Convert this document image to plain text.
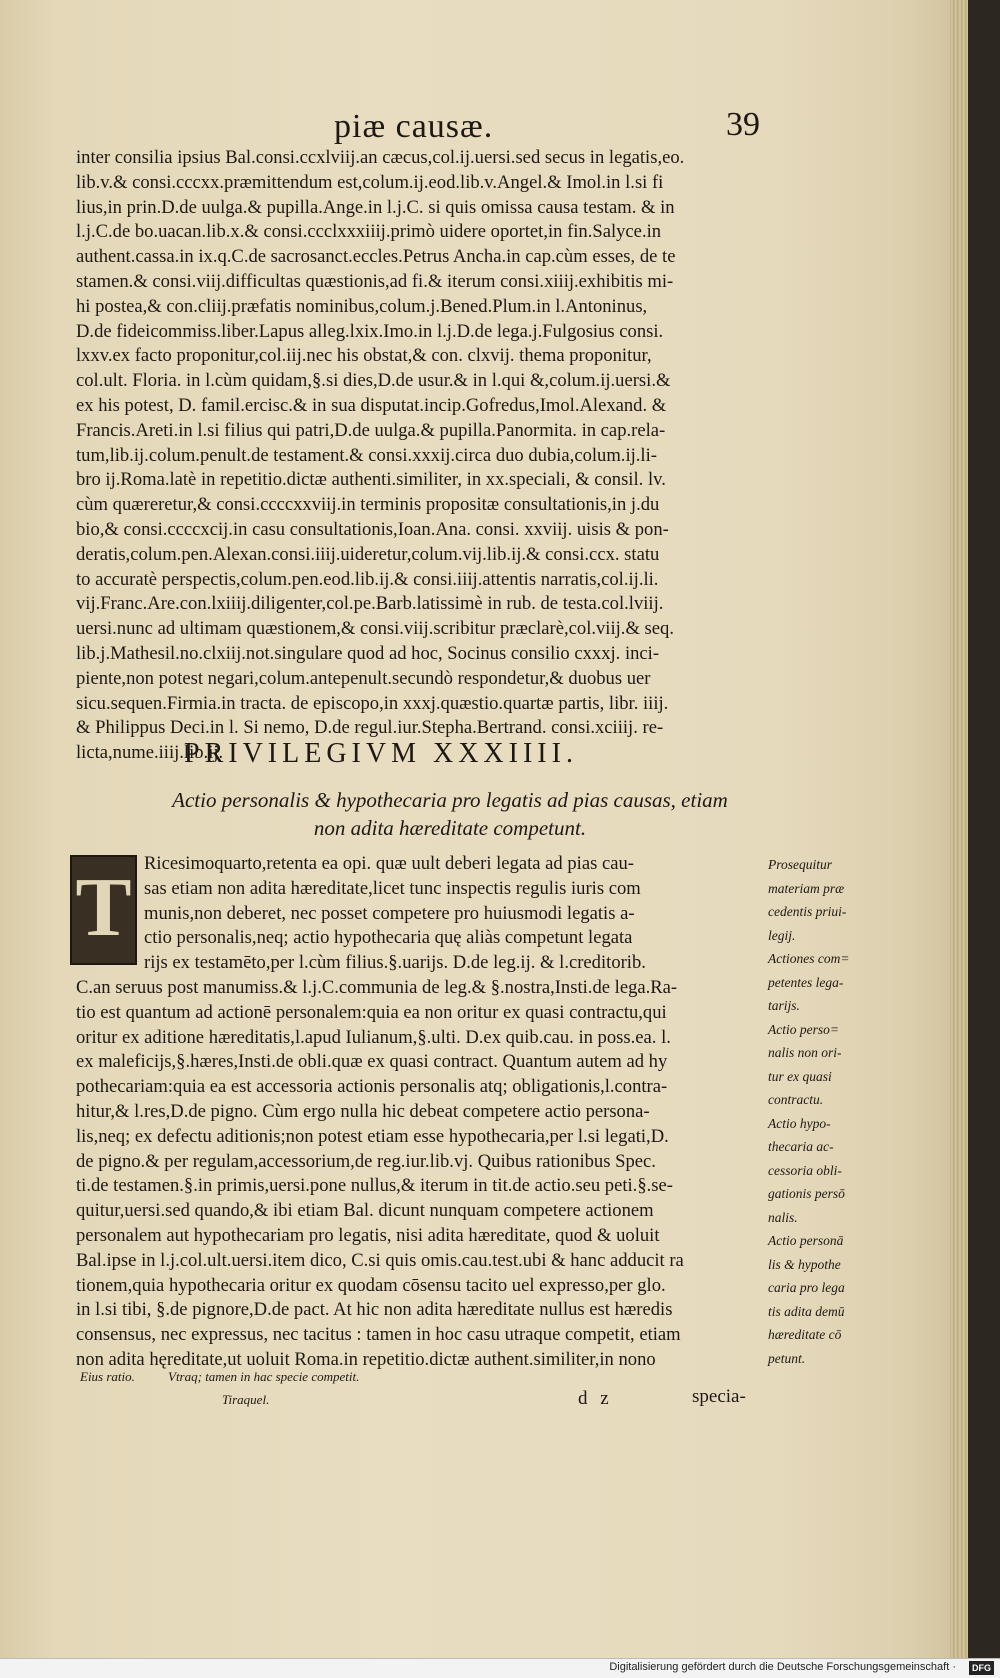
piæ causæ.	39
inter consilia ipsius Bal.consi.ccxlviij.an cæcus,col.ij.uersi.sed secus in legatis,eo.
lib.v.& consi.cccxx.præmittendum est,colum.ij.eod.lib.v.Angel.& Imol.in l.si fi
lius,in prin.D.de uulga.& pupilla.Ange.in l.j.C. si quis omissa causa testam. & in
l.j.C.de bo.uacan.lib.x.& consi.ccclxxxiiij.primò uidere oportet,in fin.Salyce.in
authent.cassa.in ix.q.C.de sacrosanct.eccles.Petrus Ancha.in cap.cùm esses, de te
stamen.& consi.viij.difficultas quæstionis,ad fi.& iterum consi.xiiij.exhibitis mi-
hi postea,& con.cliij.præfatis nominibus,colum.j.Bened.Plum.in l.Antoninus,
D.de fideicommiss.liber.Lapus alleg.lxix.Imo.in l.j.D.de lega.j.Fulgosius consi.
lxxv.ex facto proponitur,col.iij.nec his obstat,& con. clxvij. thema proponitur,
col.ult. Floria. in l.cùm quidam,§.si dies,D.de usur.& in l.qui &,colum.ij.uersi.&
ex his potest, D. famil.ercisc.& in sua disputat.incip.Gofredus,Imol.Alexand. &
Francis.Areti.in l.si filius qui patri,D.de uulga.& pupilla.Panormita. in cap.rela-
tum,lib.ij.colum.penult.de testament.& consi.xxxij.circa duo dubia,colum.ij.li-
bro ij.Roma.latè in repetitio.dictæ authenti.similiter, in xx.speciali, & consil. lv.
cùm quæreretur,& consi.ccccxxviij.in terminis propositæ consultationis,in j.du
bio,& consi.ccccxcij.in casu consultationis,Ioan.Ana. consi. xxviij. uisis & pon-
deratis,colum.pen.Alexan.consi.iiij.uideretur,colum.vij.lib.ij.& consi.ccx. statu
to accuratè perspectis,colum.pen.eod.lib.ij.& consi.iiij.attentis narratis,col.ij.li.
vij.Franc.Are.con.lxiiij.diligenter,col.pe.Barb.latissimè in rub. de testa.col.lviij.
uersi.nunc ad ultimam quæstionem,& consi.viij.scribitur præclarè,col.viij.& seq.
lib.j.Mathesil.no.clxiij.not.singulare quod ad hoc, Socinus consilio cxxxj. inci-
piente,non potest negari,colum.antepenult.secundò respondetur,& duobus uer
sicu.sequen.Firmia.in tracta. de episcopo,in xxxj.quæstio.quartæ partis, libr. iiij.
& Philippus Deci.in l. Si nemo, D.de regul.iur.Stepha.Bertrand. consi.xciiij. re-
licta,nume.iiij.lib.ij.
PRIVILEGIVM XXXIIII.
Actio personalis & hypothecaria pro legatis ad pias causas, etiam
non adita hæreditate competunt.
Ricesimoquarto,retenta ea opi. quæ uult deberi legata ad pias cau-
sas etiam non adita hæreditate,licet tunc inspectis regulis iuris com
munis,non deberet, nec posset competere pro huiusmodi legatis a-
ctio personalis,neq; actio hypothecaria quę aliàs competunt legata
rijs ex testamēto,per l.cùm filius.§.uarijs. D.de leg.ij. & l.creditorib.
C.an seruus post manumiss.& l.j.C.communia de leg.& §.nostra,Insti.de lega.Ra-
tio est quantum ad actionē personalem:quia ea non oritur ex quasi contractu,qui
oritur ex aditione hæreditatis,l.apud Iulianum,§.ulti. D.ex quib.cau. in poss.ea. l.
ex maleficijs,§.hæres,Insti.de obli.quæ ex quasi contract. Quantum autem ad hy
pothecariam:quia ea est accessoria actionis personalis atq; obligationis,l.contra-
hitur,& l.res,D.de pigno. Cùm ergo nulla hic debeat competere actio persona-
lis,neq; ex defectu aditionis;non potest etiam esse hypothecaria,per l.si legati,D.
de pigno.& per regulam,accessorium,de reg.iur.lib.vj. Quibus rationibus Spec.
ti.de testamen.§.in primis,uersi.pone nullus,& iterum in tit.de actio.seu peti.§.se-
quitur,uersi.sed quando,& ibi etiam Bal. dicunt nunquam competere actionem
personalem aut hypothecariam pro legatis, nisi adita hæreditate, quod & uoluit
Bal.ipse in l.j.col.ult.uersi.item dico, C.si quis omis.cau.test.ubi & hanc adducit ra
tionem,quia hypothecaria oritur ex quodam cōsensu tacito uel expresso,per glo.
in l.si tibi, §.de pignore,D.de pact. At hic non adita hæreditate nullus est hæredis
consensus, nec expressus, nec tacitus : tamen in hoc casu utraque competit, etiam
non adita hęreditate,ut uoluit Roma.in repetitio.dictæ authent.similiter,in nono
T	Prosequitur
materiam præ
cedentis priui-
legij.
Actiones com=
petentes lega-
tarijs.
Actio perso=
nalis non ori-
tur ex quasi
contractu.
Actio hypo-
thecaria ac-
cessoria obli-
gationis persō
nalis.
Actio personā
lis & hypothe
caria pro lega
tis adita demū
hæreditate cō
petunt.
Eius ratio.	Vtraq; tamen in hac specie competit.
Tiraquel.	d z	specia-
Digitalisierung gefördert durch die Deutsche Forschungsgemeinschaft ·	DFG
